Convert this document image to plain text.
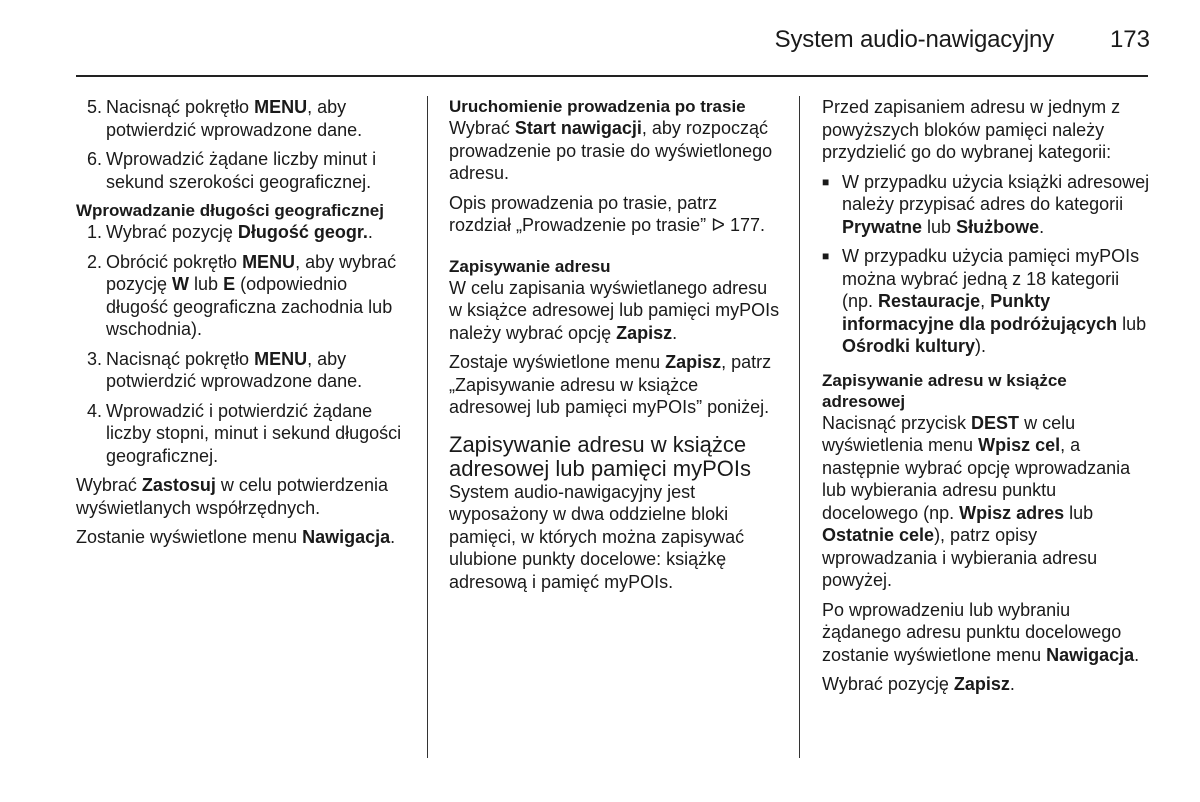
System audio-nawigacyjny 173
5. Nacisnąć pokrętło MENU, aby potwierdzić wprowadzone dane.
6. Wprowadzić żądane liczby minut i sekund szerokości geograficznej.
Wprowadzanie długości geograficznej
1. Wybrać pozycję Długość geogr..
2. Obrócić pokrętło MENU, aby wybrać pozycję W lub E (odpowiednio długość geograficzna zachodnia lub wschodnia).
3. Nacisnąć pokrętło MENU, aby potwierdzić wprowadzone dane.
4. Wprowadzić i potwierdzić żądane liczby stopni, minut i sekund długości geograficznej.

Wybrać Zastosuj w celu potwierdzenia wyświetlanych współrzędnych.

Zostanie wyświetlone menu Nawigacja.

Uruchomienie prowadzenia po trasie

Wybrać Start nawigacji, aby rozpocząć prowadzenie po trasie do wyświetlonego adresu.

Opis prowadzenia po trasie, patrz rozdział „Prowadzenie po trasie” ᐅ 177.

Zapisywanie adresu

W celu zapisania wyświetlanego adresu w książce adresowej lub pamięci myPOIs należy wybrać opcję Zapisz.

Zostaje wyświetlone menu Zapisz, patrz „Zapisywanie adresu w książce adresowej lub pamięci myPOIs” poniżej.

Zapisywanie adresu w książce adresowej lub pamięci myPOIs

System audio-nawigacyjny jest wyposażony w dwa oddzielne bloki pamięci, w których można zapisywać ulubione punkty docelowe: książkę adresową i pamięć myPOIs.

Przed zapisaniem adresu w jednym z powyższych bloków pamięci należy przydzielić go do wybranej kategorii:

■ W przypadku użycia książki adresowej należy przypisać adres do kategorii Prywatne lub Służbowe.
■ W przypadku użycia pamięci myPOIs można wybrać jedną z 18 kategorii (np. Restauracje, Punkty informacyjne dla podróżujących lub Ośrodki kultury).
Zapisywanie adresu w książce adresowej

Nacisnąć przycisk DEST w celu wyświetlenia menu Wpisz cel, a następnie wybrać opcję wprowadzania lub wybierania adresu punktu docelowego (np. Wpisz adres lub Ostatnie cele), patrz opisy wprowadzania i wybierania adresu powyżej.

Po wprowadzeniu lub wybraniu żądanego adresu punktu docelowego zostanie wyświetlone menu Nawigacja.

Wybrać pozycję Zapisz.
